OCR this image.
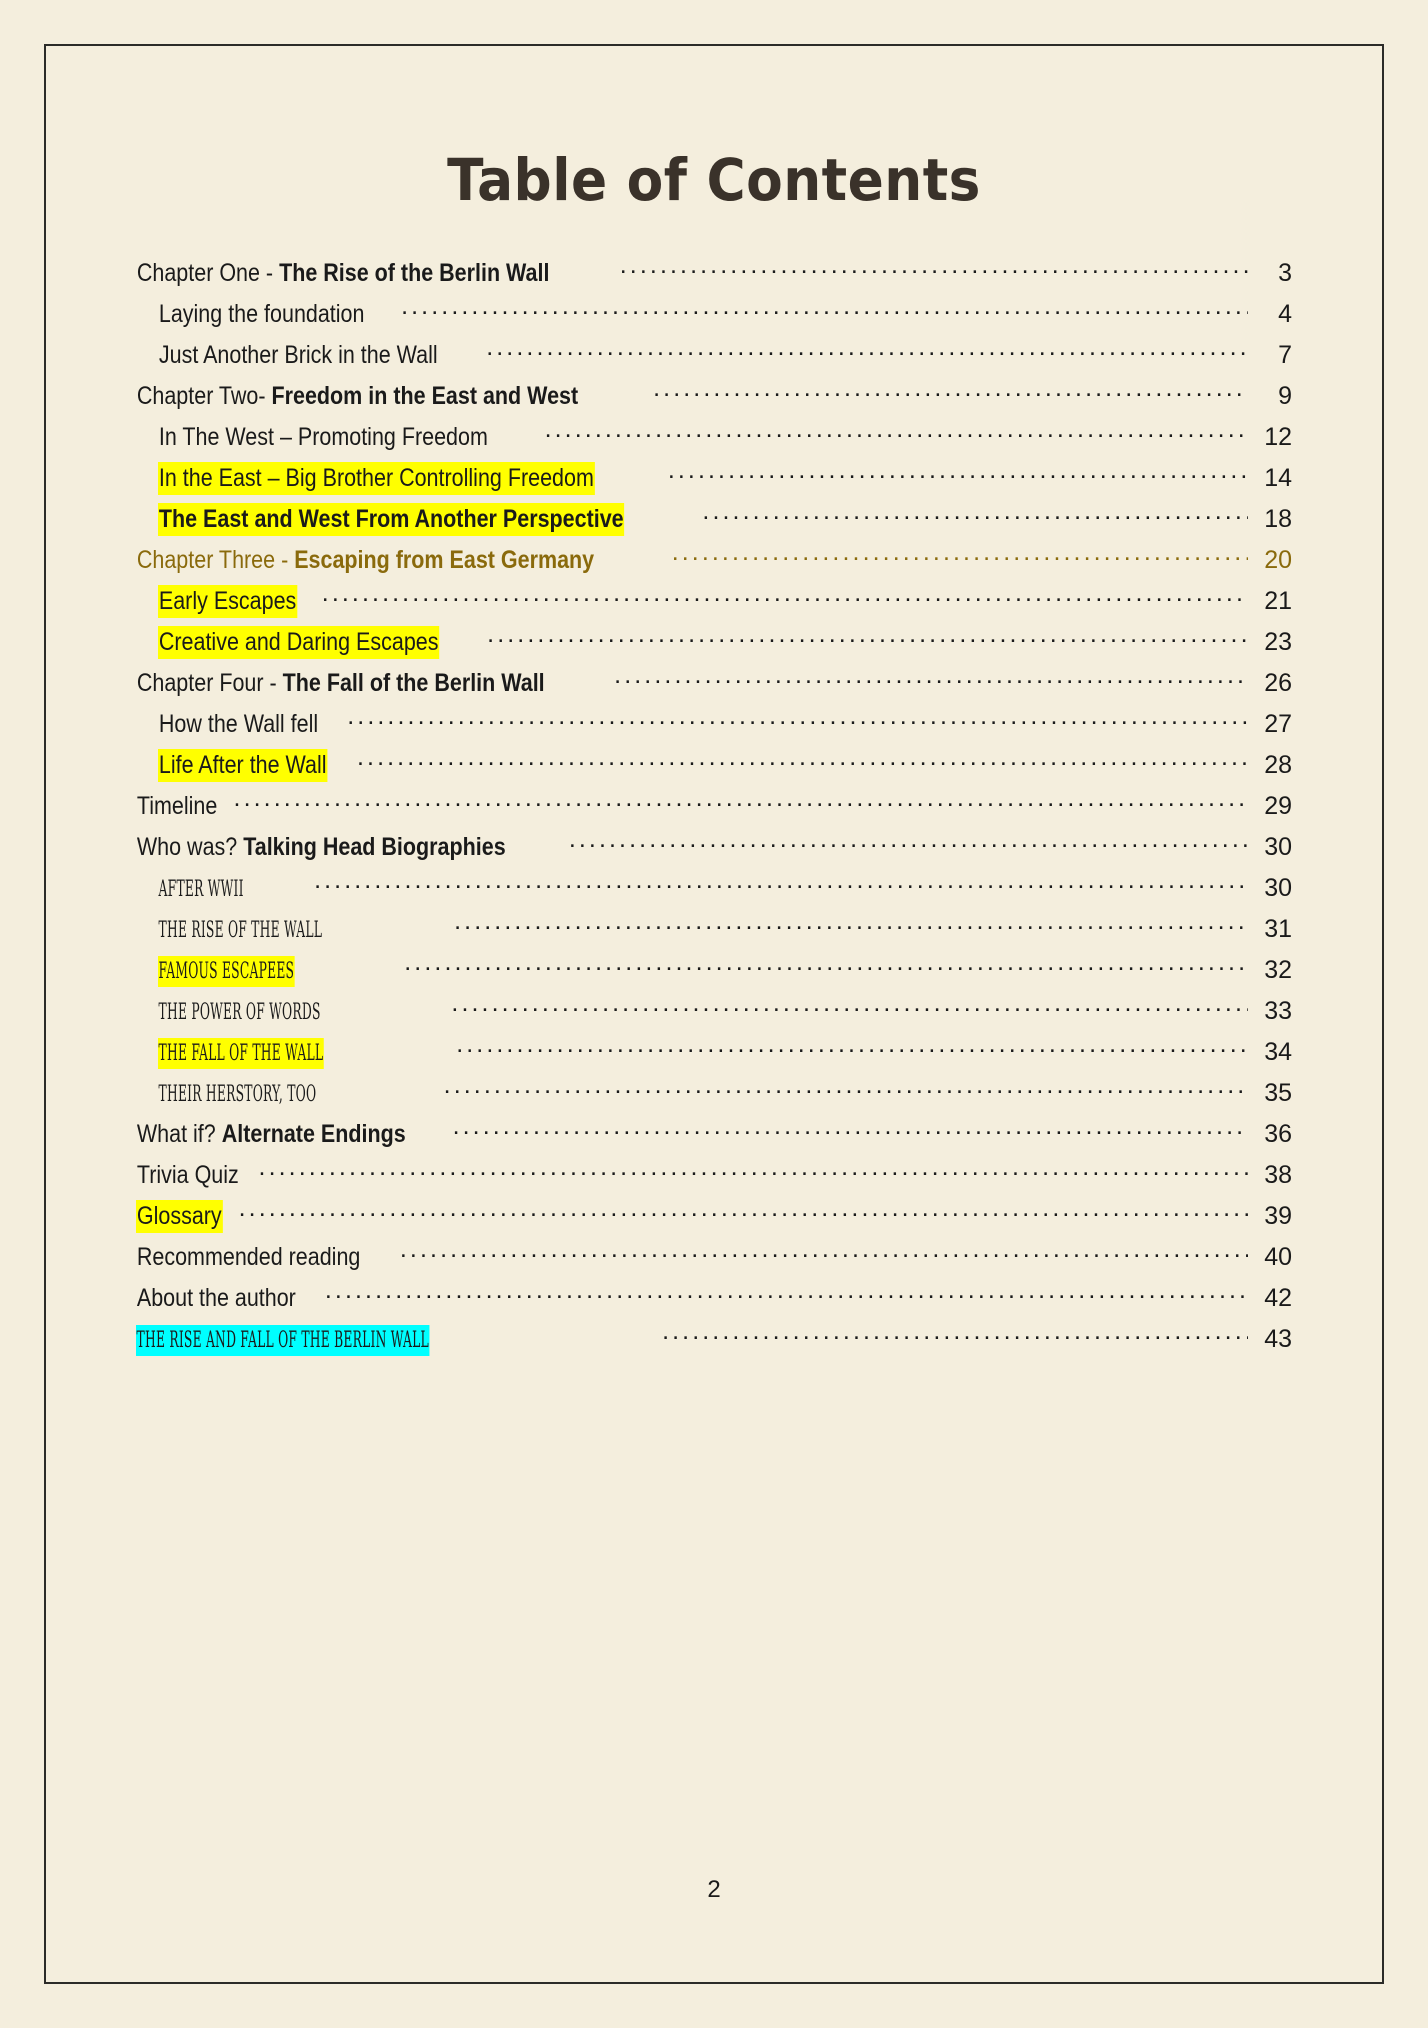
Table of Contents
Chapter One - The Rise of the Berlin Wall .....	3
Laying the foundation .....	4
Just Another Brick in the Wall .....	7
Chapter Two- Freedom in the East and West .....	9
In The West – Promoting Freedom .....	12
In the East – Big Brother Controlling Freedom .....	14
The East and West From Another Perspective .....	18
Chapter Three - Escaping from East Germany .....	20
Early Escapes .....	21
Creative and Daring Escapes .....	23
Chapter Four - The Fall of the Berlin Wall .....	26
How the Wall fell .....	27
Life After the Wall .....	28
Timeline .....	29
Who was? Talking Head Biographies .....	30
AFTER WWII .....	30
THE RISE OF THE WALL .....	31
FAMOUS ESCAPEES .....	32
THE POWER OF WORDS .....	33
THE FALL OF THE WALL .....	34
THEIR HERSTORY, TOO .....	35
What if? Alternate Endings .....	36
Trivia Quiz .....	38
Glossary .....	39
Recommended reading .....	40
About the author .....	42
THE RISE AND FALL OF THE BERLIN WALL .....	43
2
